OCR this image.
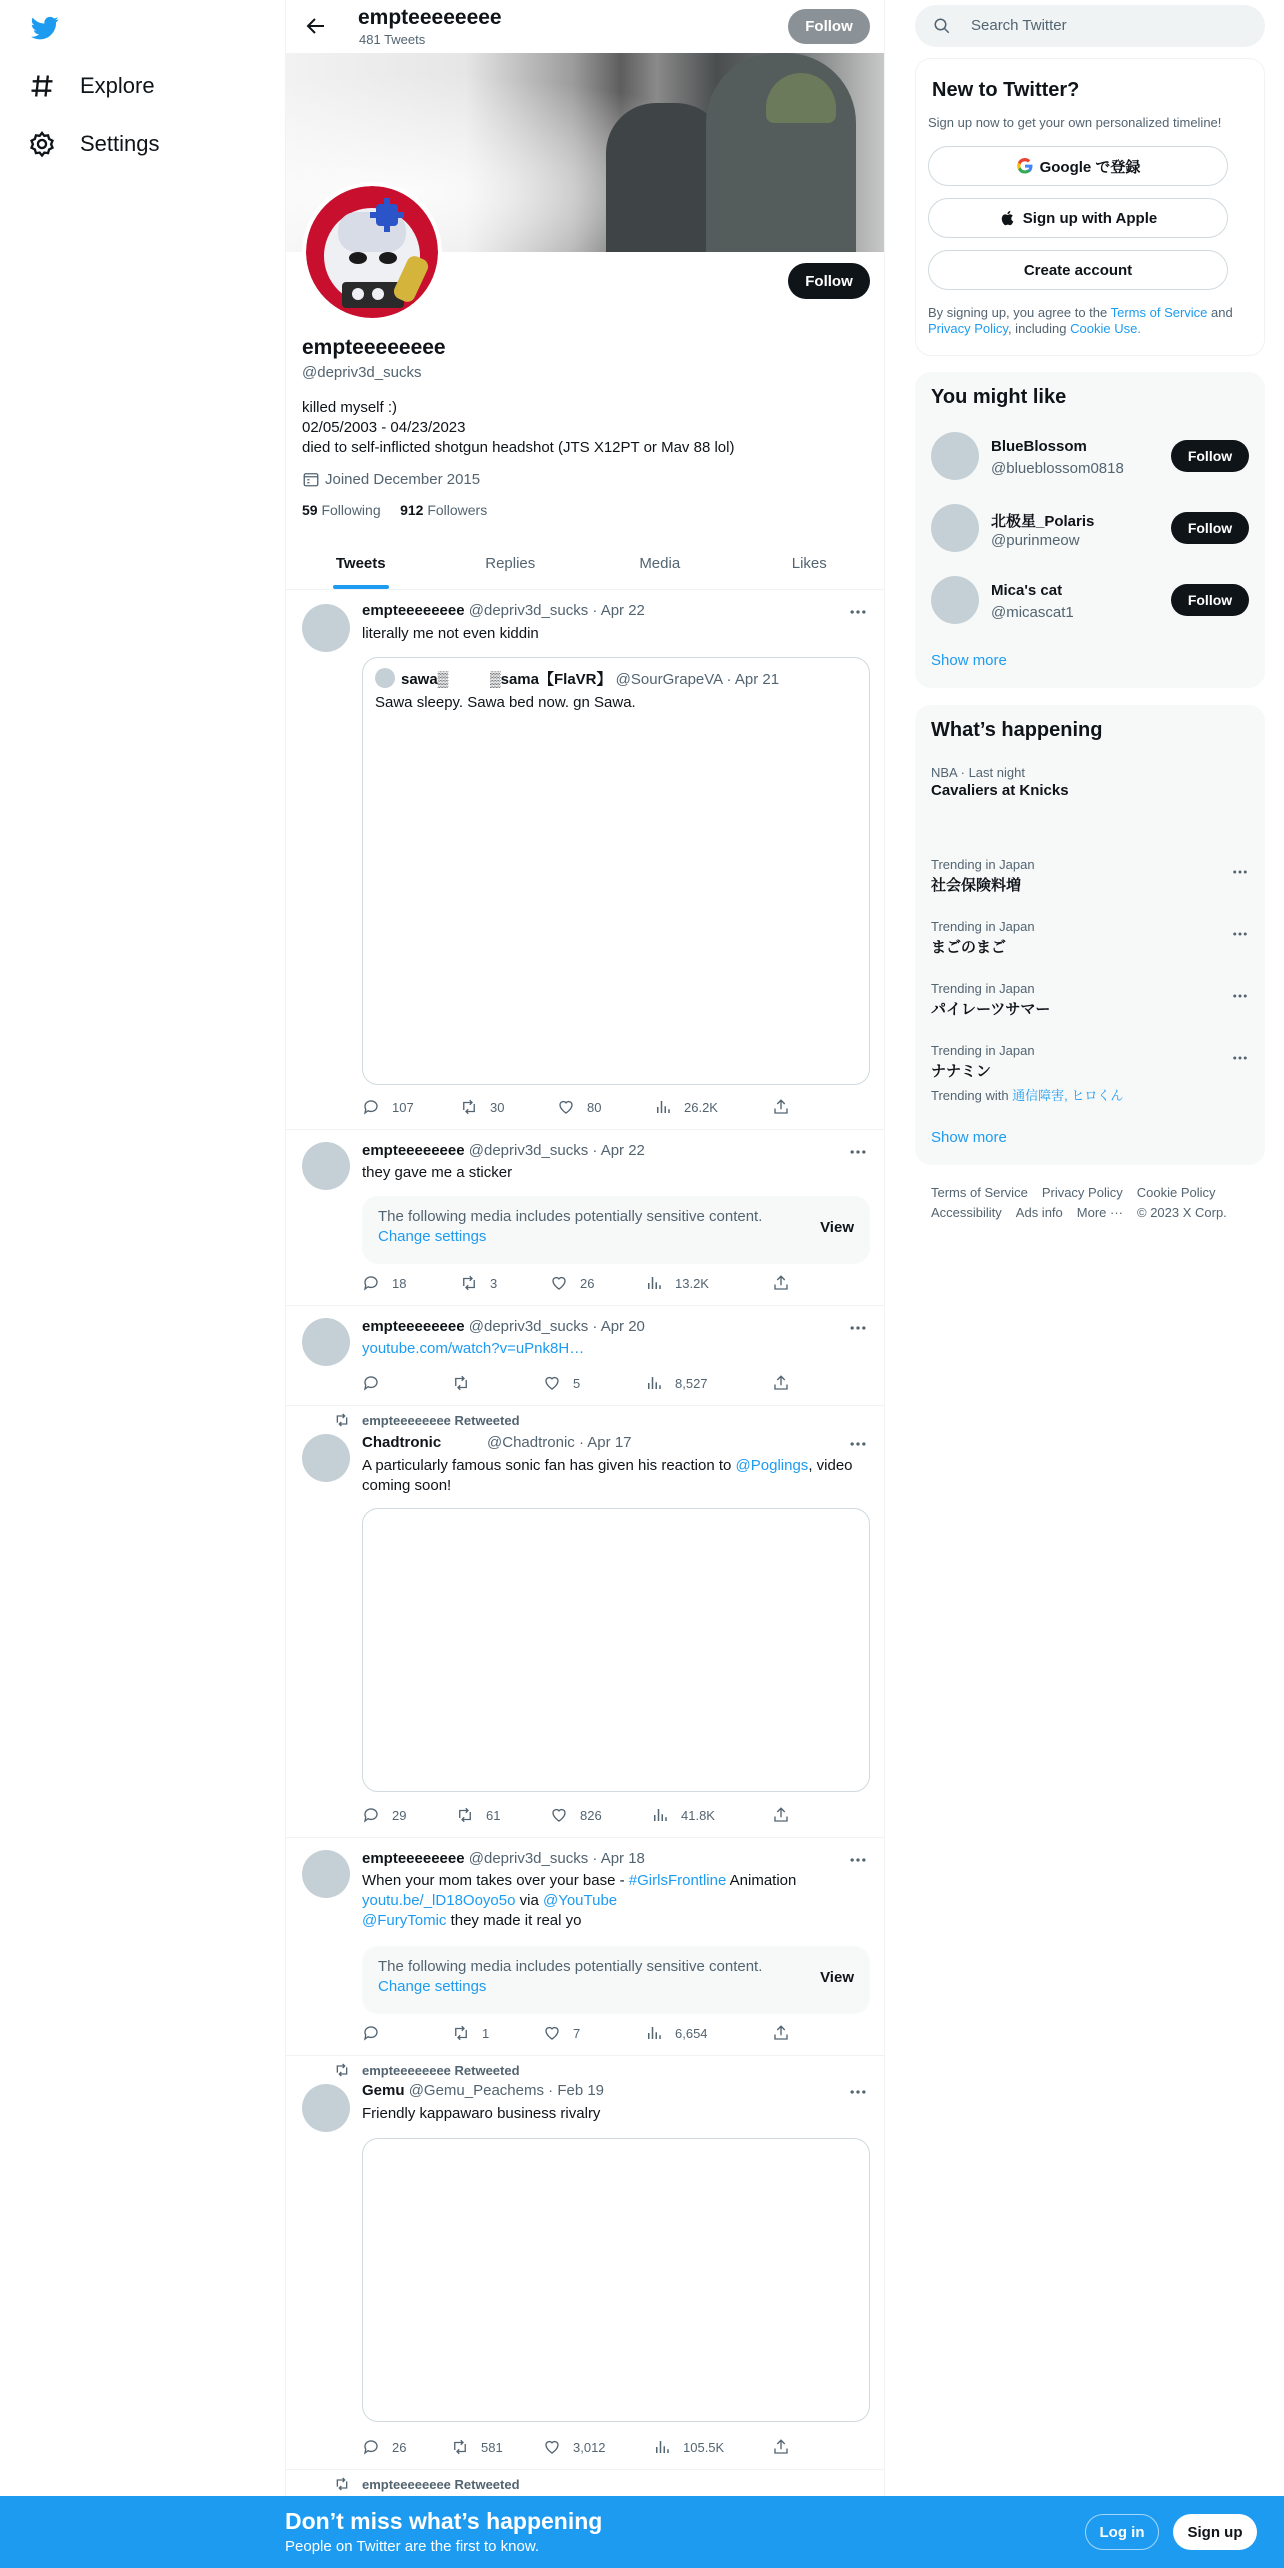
Explore
Settings
empteeeeeeee
481 Tweets
Follow
Follow
empteeeeeeee
@depriv3d_sucks
killed myself :)
02/05/2003 - 04/23/2023
died to self-inflicted shotgun headshot (JTS X12PT or Mav 88 lol)
Joined December 2015
59 Following 912 Followers
Tweets	Replies	Media	Likes
empteeeeeeee @depriv3d_sucks · Apr 22
literally me not even kiddin
sawa▒          ▒sama【FlaVR】 @SourGrapeVA · Apr 21
Sawa sleepy. Sawa bed now. gn Sawa.
107	30	80	26.2K
empteeeeeeee @depriv3d_sucks · Apr 22
they gave me a sticker
The following media includes potentially sensitive content.
Change settings
View
18	3	26	13.2K
empteeeeeeee @depriv3d_sucks · Apr 20
youtube.com/watch?v=uPnk8H…
5	8,527
empteeeeeeee Retweeted
Chadtronic	@Chadtronic · Apr 17
A particularly famous sonic fan has given his reaction to @Poglings, video coming soon!
29	61	826	41.8K
empteeeeeeee @depriv3d_sucks · Apr 18
When your mom takes over your base - #GirlsFrontline Animation
youtu.be/_lD18Ooyo5o via @YouTube
@FuryTomic they made it real yo
The following media includes potentially sensitive content.
Change settings
View
1	7	6,654
empteeeeeeee Retweeted
Gemu @Gemu_Peachems · Feb 19
Friendly kappawaro business rivalry
26	581	3,012	105.5K
empteeeeeeee Retweeted
Search Twitter
New to Twitter?
Sign up now to get your own personalized timeline!
Google で登録
Sign up with Apple
Create account
By signing up, you agree to the Terms of Service and Privacy Policy, including Cookie Use.
You might like
BlueBlossom
@blueblossom0818
Follow
北极星_Polaris
@purinmeow
Follow
Mica's cat
@micascat1
Follow
Show more
What’s happening
NBA · Last night
Cavaliers at Knicks
Trending in Japan
社会保険料増
Trending in Japan
まごのまご
Trending in Japan
パイレーツサマー
Trending in Japan
ナナミン
Trending with 通信障害, ヒロくん
Show more
Terms of Service Privacy Policy Cookie Policy
Accessibility Ads info More ··· © 2023 X Corp.
Don’t miss what’s happening
People on Twitter are the first to know.
Log in	Sign up
